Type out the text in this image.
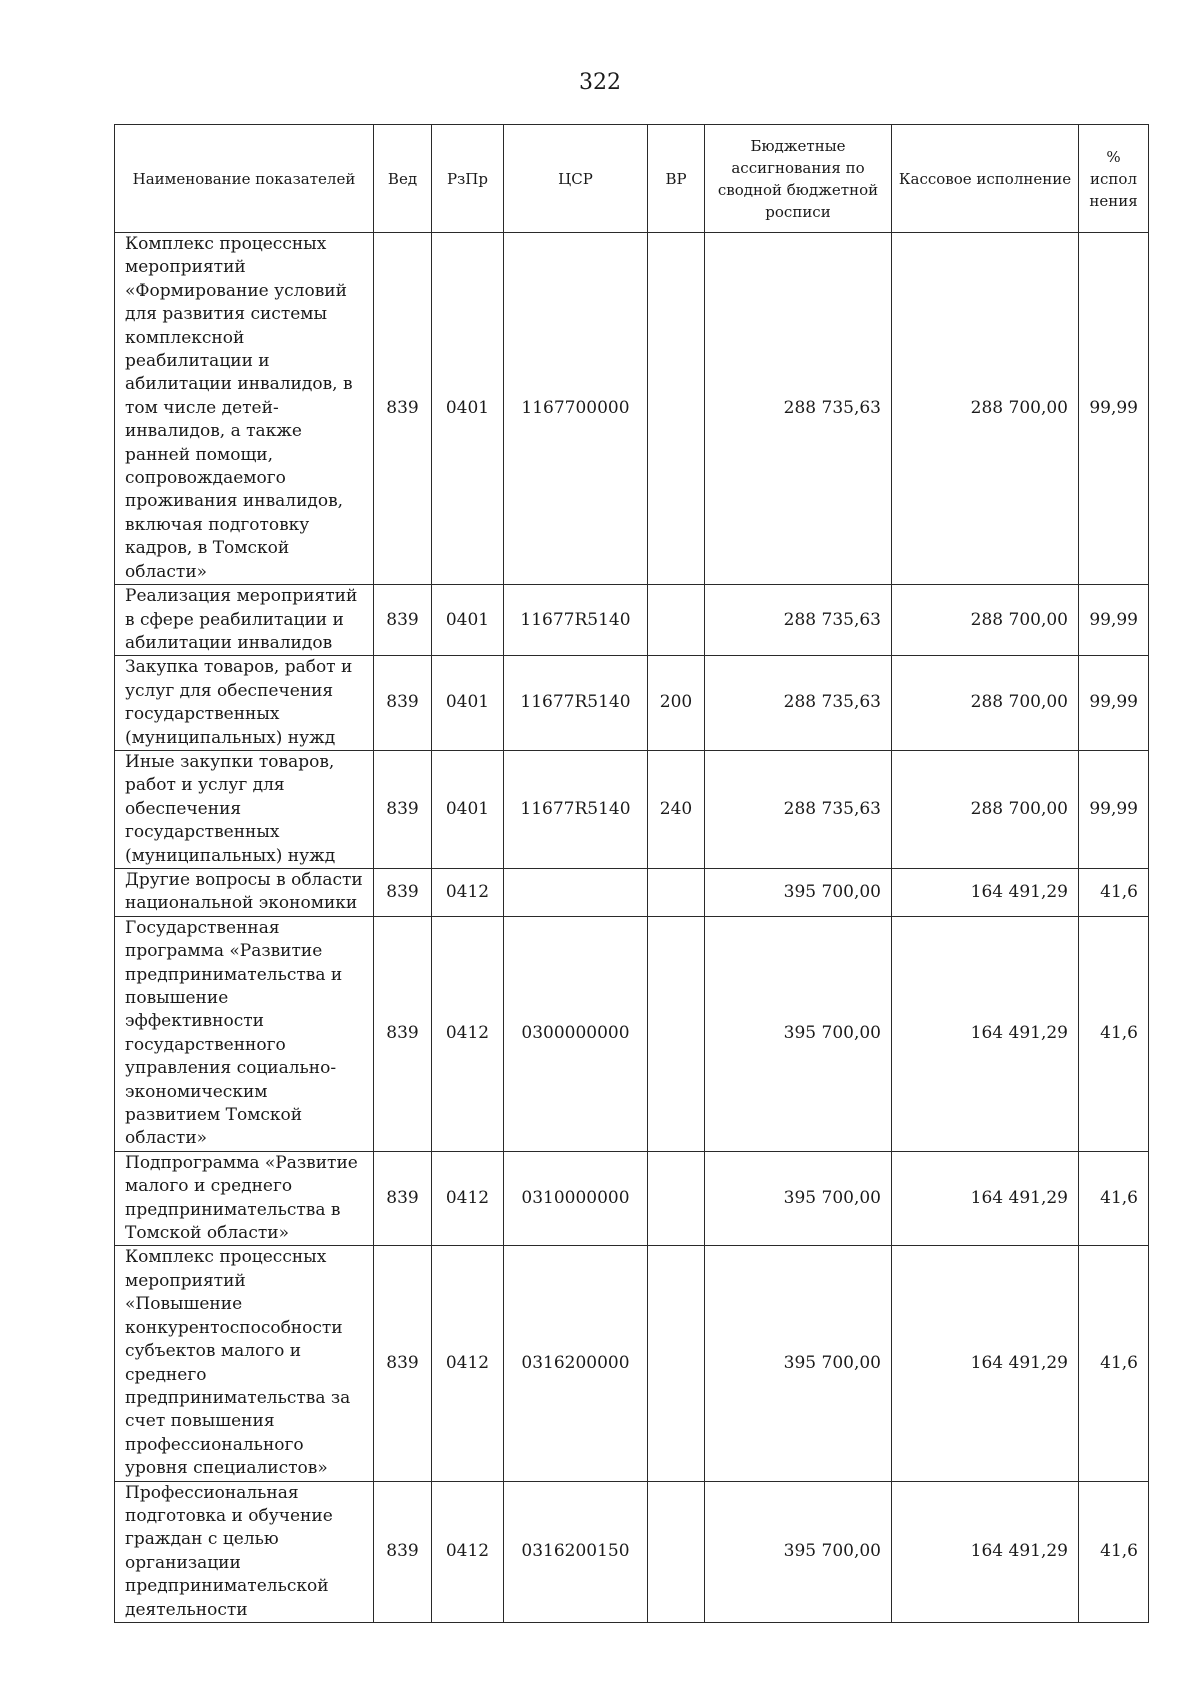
322
Наименование показателей	Вед	РзПр	ЦСР	ВР	Бюджетные ассигнования по сводной бюджетной росписи	Кассовое исполнение	% испол нения
Комплекс процессных мероприятий «Формирование условий для развития системы комплексной реабилитации и абилитации инвалидов, в том числе детей-инвалидов, а также ранней помощи, сопровождаемого проживания инвалидов, включая подготовку кадров, в Томской области»	839	0401	1167700000		288 735,63	288 700,00	99,99
Реализация мероприятий в сфере реабилитации и абилитации инвалидов	839	0401	11677R5140		288 735,63	288 700,00	99,99
Закупка товаров, работ и услуг для обеспечения государственных (муниципальных) нужд	839	0401	11677R5140	200	288 735,63	288 700,00	99,99
Иные закупки товаров, работ и услуг для обеспечения государственных (муниципальных) нужд	839	0401	11677R5140	240	288 735,63	288 700,00	99,99
Другие вопросы в области национальной экономики	839	0412			395 700,00	164 491,29	41,6
Государственная программа «Развитие предпринимательства и повышение эффективности государственного управления социально-экономическим развитием Томской области»	839	0412	0300000000		395 700,00	164 491,29	41,6
Подпрограмма «Развитие малого и среднего предпринимательства в Томской области»	839	0412	0310000000		395 700,00	164 491,29	41,6
Комплекс процессных мероприятий «Повышение конкурентоспособности субъектов малого и среднего предпринимательства за счет повышения профессионального уровня специалистов»	839	0412	0316200000		395 700,00	164 491,29	41,6
Профессиональная подготовка и обучение граждан с целью организации предпринимательской деятельности	839	0412	0316200150		395 700,00	164 491,29	41,6
